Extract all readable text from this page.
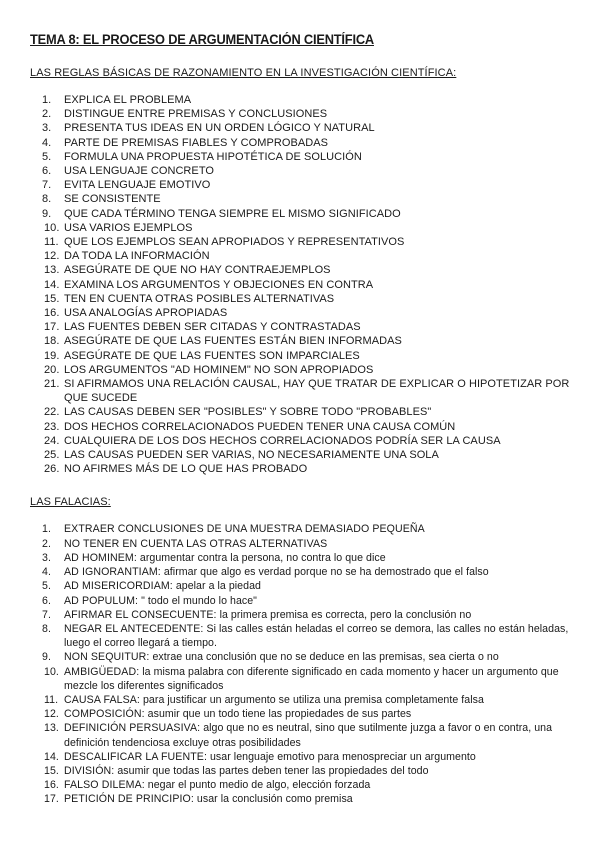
TEMA 8: EL PROCESO DE ARGUMENTACIÓN CIENTÍFICA
LAS REGLAS BÁSICAS DE RAZONAMIENTO EN LA INVESTIGACIÓN CIENTÍFICA:
1.	EXPLICA EL PROBLEMA
2.	DISTINGUE ENTRE PREMISAS Y CONCLUSIONES
3.	PRESENTA TUS IDEAS EN UN ORDEN LÓGICO Y NATURAL
4.	PARTE DE PREMISAS FIABLES Y COMPROBADAS
5.	FORMULA UNA PROPUESTA HIPOTÉTICA DE SOLUCIÓN
6.	USA LENGUAJE CONCRETO
7.	EVITA LENGUAJE EMOTIVO
8.	SE CONSISTENTE
9.	QUE CADA TÉRMINO TENGA SIEMPRE EL MISMO SIGNIFICADO
10. USA VARIOS EJEMPLOS
11. QUE LOS EJEMPLOS SEAN APROPIADOS Y REPRESENTATIVOS
12. DA TODA LA INFORMACIÓN
13. ASEGÚRATE DE QUE NO HAY CONTRAEJEMPLOS
14. EXAMINA LOS ARGUMENTOS Y OBJECIONES EN CONTRA
15. TEN EN CUENTA OTRAS POSIBLES ALTERNATIVAS
16. USA ANALOGÍAS APROPIADAS
17. LAS FUENTES DEBEN SER CITADAS Y CONTRASTADAS
18. ASEGÚRATE DE QUE LAS FUENTES ESTÁN BIEN INFORMADAS
19. ASEGÚRATE DE QUE LAS FUENTES SON IMPARCIALES
20. LOS ARGUMENTOS "AD HOMINEM" NO SON APROPIADOS
21. SI AFIRMAMOS UNA RELACIÓN CAUSAL, HAY QUE TRATAR DE EXPLICAR O HIPOTETIZAR POR QUE SUCEDE
22. LAS CAUSAS DEBEN SER "POSIBLES" Y SOBRE TODO "PROBABLES"
23. DOS HECHOS CORRELACIONADOS PUEDEN TENER UNA CAUSA COMÚN
24. CUALQUIERA DE LOS DOS HECHOS CORRELACIONADOS PODRÍA SER LA CAUSA
25. LAS CAUSAS PUEDEN SER VARIAS, NO NECESARIAMENTE UNA SOLA
26. NO AFIRMES MÁS DE LO QUE HAS PROBADO
LAS FALACIAS:
1.	EXTRAER CONCLUSIONES DE UNA MUESTRA DEMASIADO PEQUEÑA
2.	NO TENER EN CUENTA LAS OTRAS ALTERNATIVAS
3.	AD HOMINEM: argumentar contra la persona, no contra lo que dice
4.	AD IGNORANTIAM: afirmar que algo es verdad porque no se ha demostrado que el falso
5.	AD MISERICORDIAM: apelar a la piedad
6.	AD POPULUM: " todo el mundo lo hace"
7.	AFIRMAR EL CONSECUENTE: la primera premisa es correcta, pero la conclusión no
8.	NEGAR EL ANTECEDENTE: Si las calles están heladas el correo se demora, las calles no están heladas, luego el correo llegará a tiempo.
9.	NON SEQUITUR: extrae una conclusión que no se deduce en las premisas, sea cierta o no
10. AMBIGÜEDAD: la misma palabra con diferente significado en cada momento y hacer un argumento que mezcle los diferentes significados
11. CAUSA FALSA: para justificar un argumento se utiliza una premisa completamente falsa
12. COMPOSICIÓN: asumir que un todo tiene las propiedades de sus partes
13. DEFINICIÓN PERSUASIVA: algo que no es neutral, sino que sutilmente juzga a favor o en contra, una definición tendenciosa excluye otras posibilidades
14. DESCALIFICAR LA FUENTE: usar lenguaje emotivo para menospreciar un argumento
15. DIVISIÓN: asumir que todas las partes deben tener las propiedades del todo
16. FALSO DILEMA: negar el punto medio de algo, elección forzada
17. PETICIÓN DE PRINCIPIO: usar la conclusión como premisa
